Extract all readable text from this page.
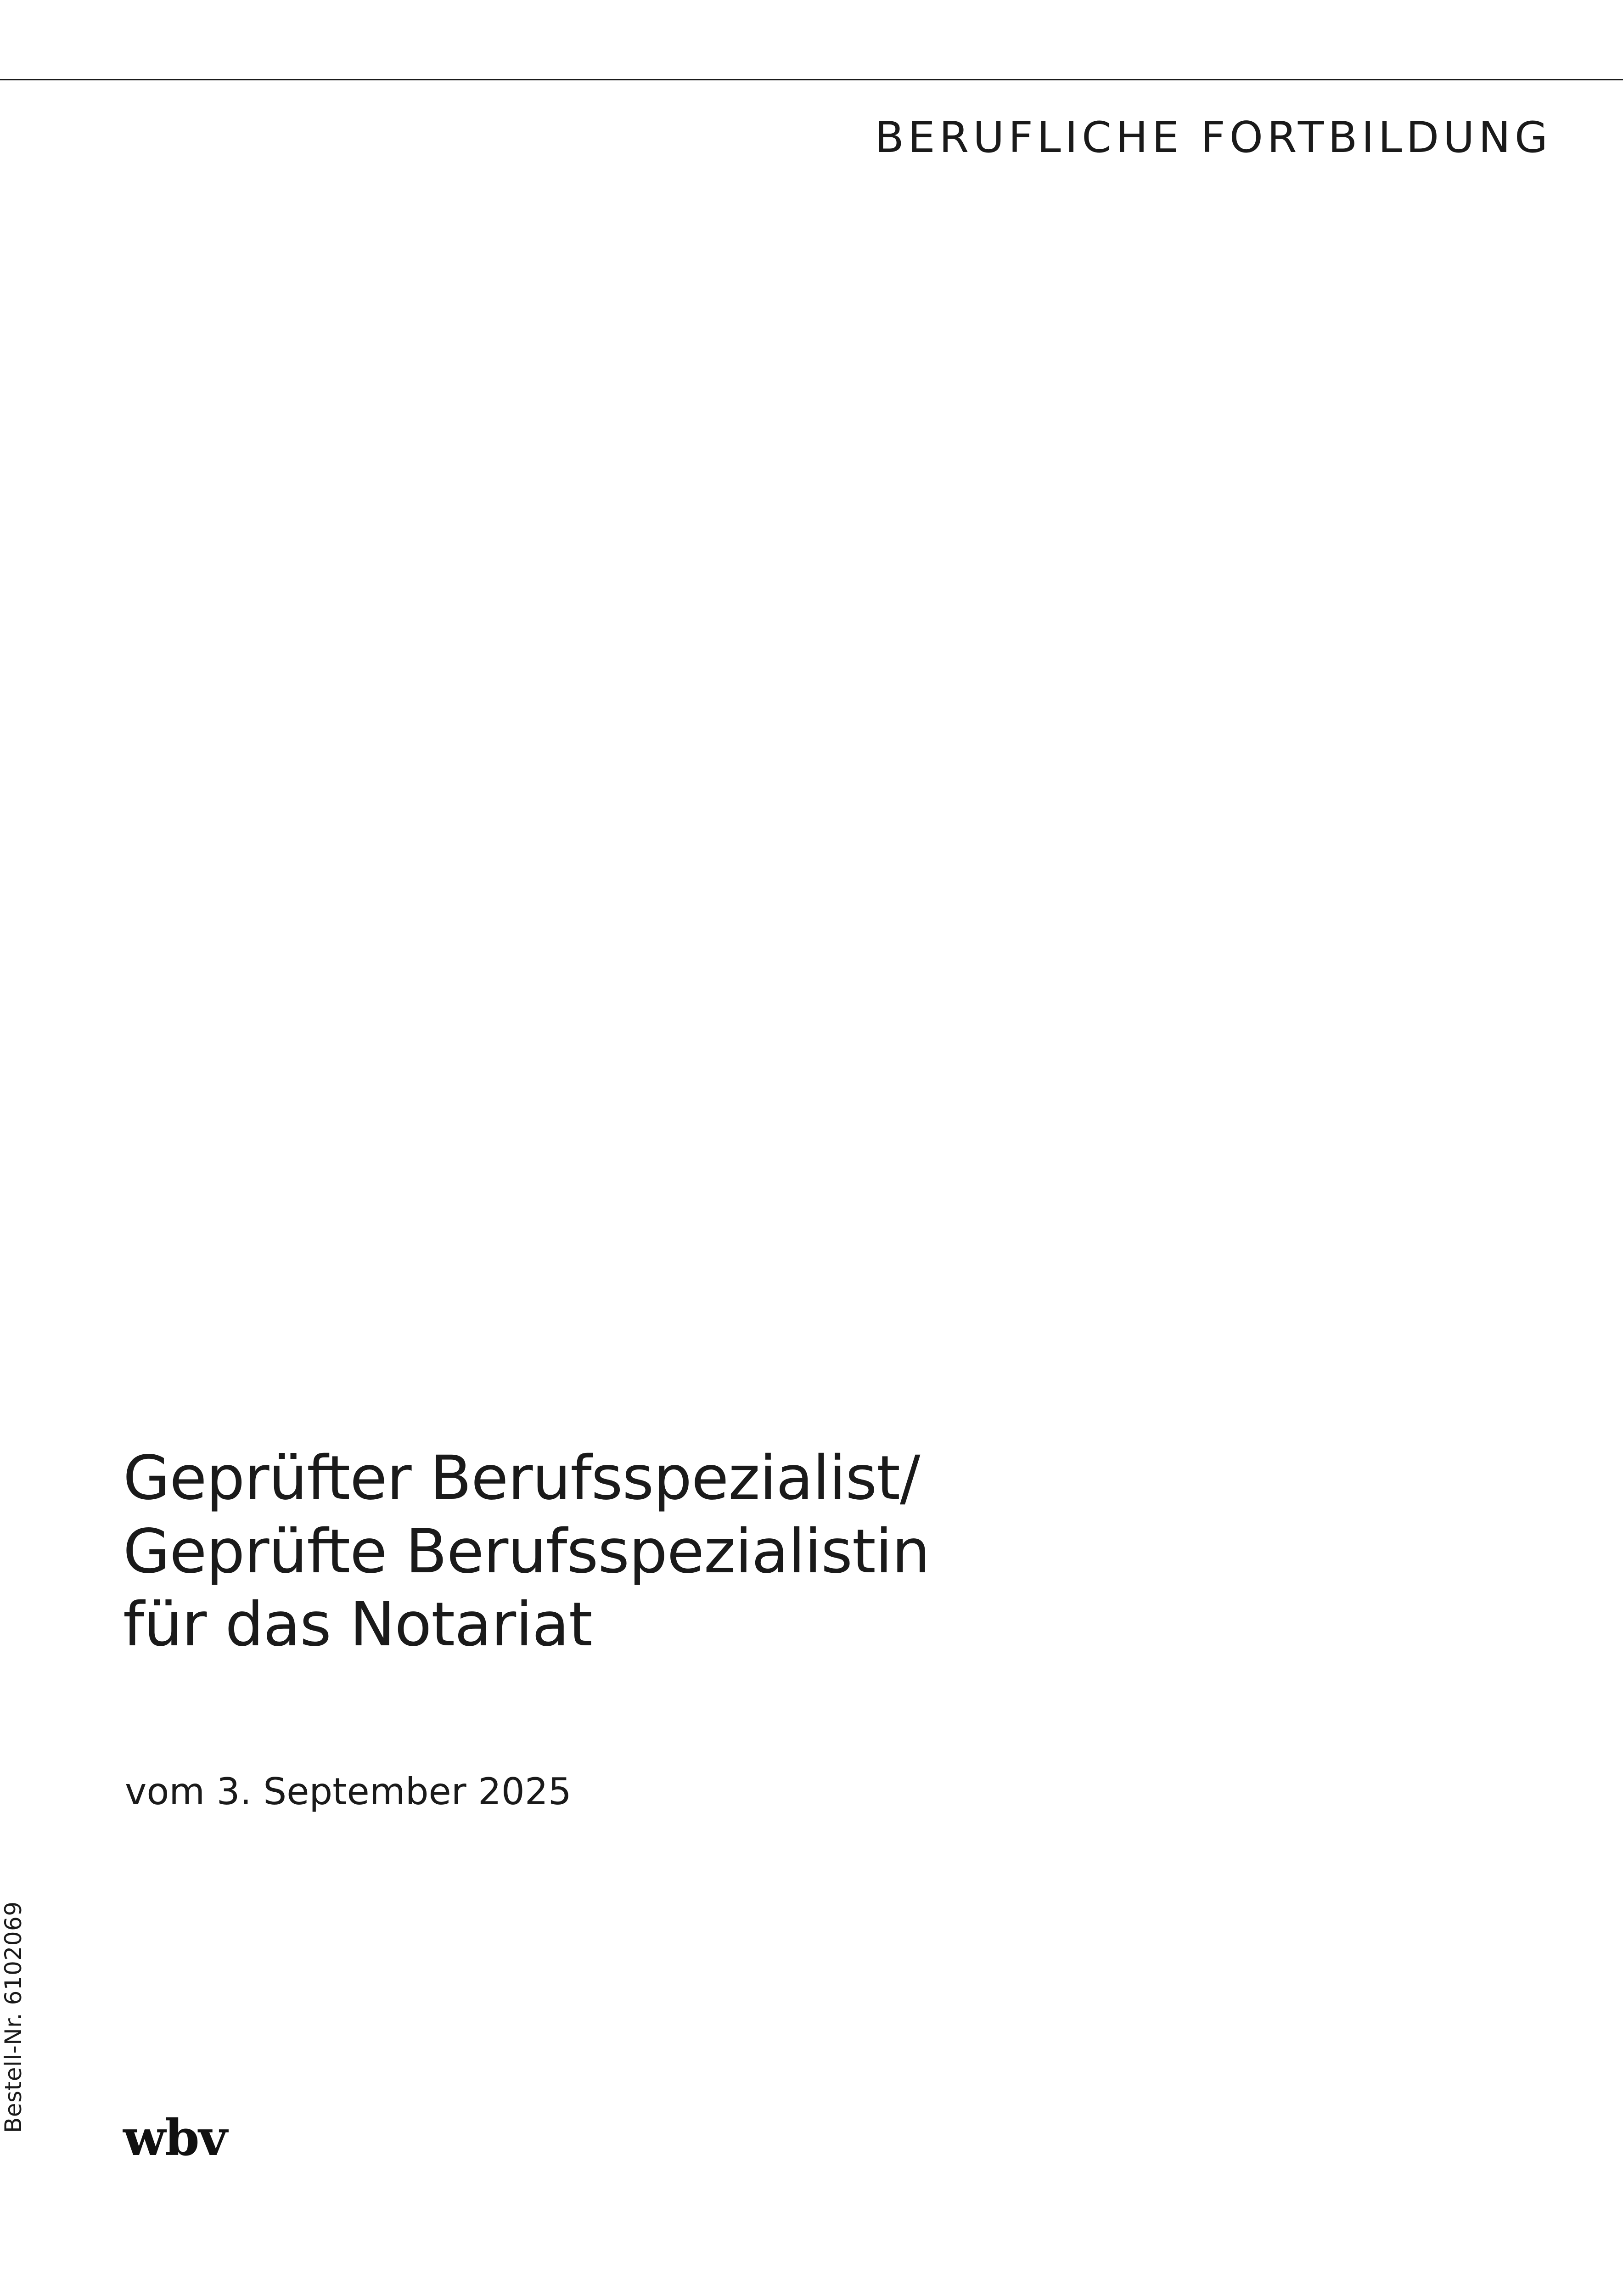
BERUFLICHE FORTBILDUNG
Geprüfter Berufsspezialist/
Geprüfte Berufsspezialistin
für das Notariat
vom 3. September 2025
Bestell-Nr. 6102069
wbv
